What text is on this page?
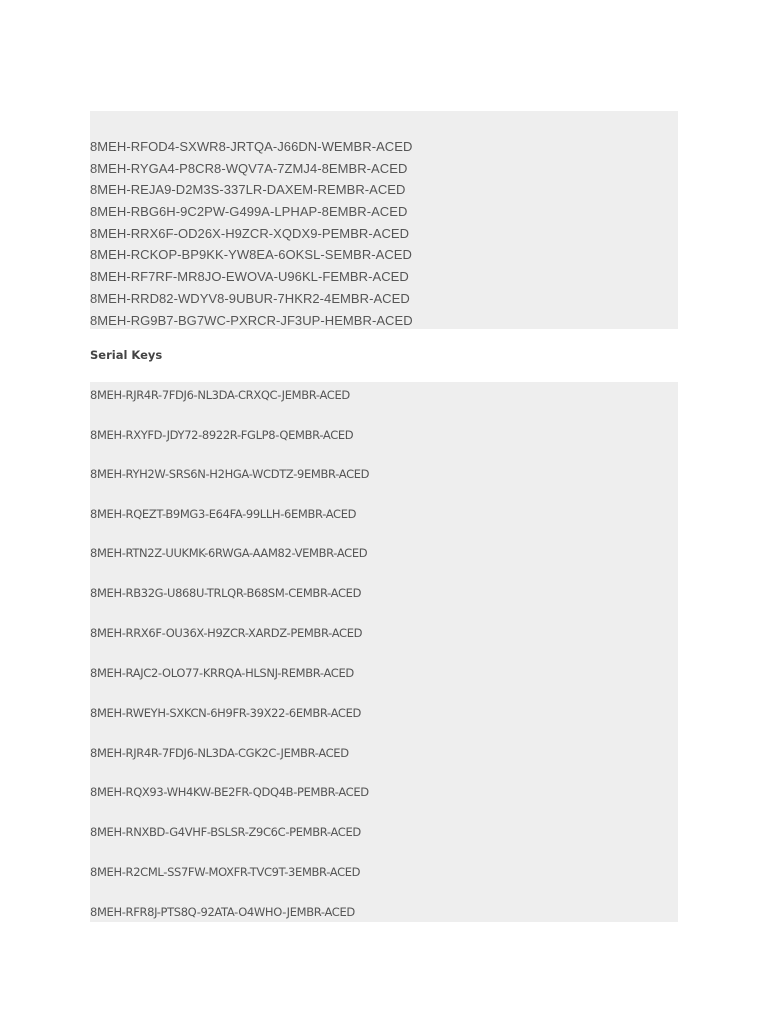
8MEH-RFOD4-SXWR8-JRTQA-J66DN-WEMBR-ACED
8MEH-RYGA4-P8CR8-WQV7A-7ZMJ4-8EMBR-ACED
8MEH-REJA9-D2M3S-337LR-DAXEM-REMBR-ACED
8MEH-RBG6H-9C2PW-G499A-LPHAP-8EMBR-ACED
8MEH-RRX6F-OD26X-H9ZCR-XQDX9-PEMBR-ACED
8MEH-RCKOP-BP9KK-YW8EA-6OKSL-SEMBR-ACED
8MEH-RF7RF-MR8JO-EWOVA-U96KL-FEMBR-ACED
8MEH-RRD82-WDYV8-9UBUR-7HKR2-4EMBR-ACED
8MEH-RG9B7-BG7WC-PXRCR-JF3UP-HEMBR-ACED
Serial Keys
8MEH-RJR4R-7FDJ6-NL3DA-CRXQC-JEMBR-ACED
8MEH-RXYFD-JDY72-8922R-FGLP8-QEMBR-ACED
8MEH-RYH2W-SRS6N-H2HGA-WCDTZ-9EMBR-ACED
8MEH-RQEZT-B9MG3-E64FA-99LLH-6EMBR-ACED
8MEH-RTN2Z-UUKMK-6RWGA-AAM82-VEMBR-ACED
8MEH-RB32G-U868U-TRLQR-B68SM-CEMBR-ACED
8MEH-RRX6F-OU36X-H9ZCR-XARDZ-PEMBR-ACED
8MEH-RAJC2-OLO77-KRRQA-HLSNJ-REMBR-ACED
8MEH-RWEYH-SXKCN-6H9FR-39X22-6EMBR-ACED
8MEH-RJR4R-7FDJ6-NL3DA-CGK2C-JEMBR-ACED
8MEH-RQX93-WH4KW-BE2FR-QDQ4B-PEMBR-ACED
8MEH-RNXBD-G4VHF-BSLSR-Z9C6C-PEMBR-ACED
8MEH-R2CML-SS7FW-MOXFR-TVC9T-3EMBR-ACED
8MEH-RFR8J-PTS8Q-92ATA-O4WHO-JEMBR-ACED
